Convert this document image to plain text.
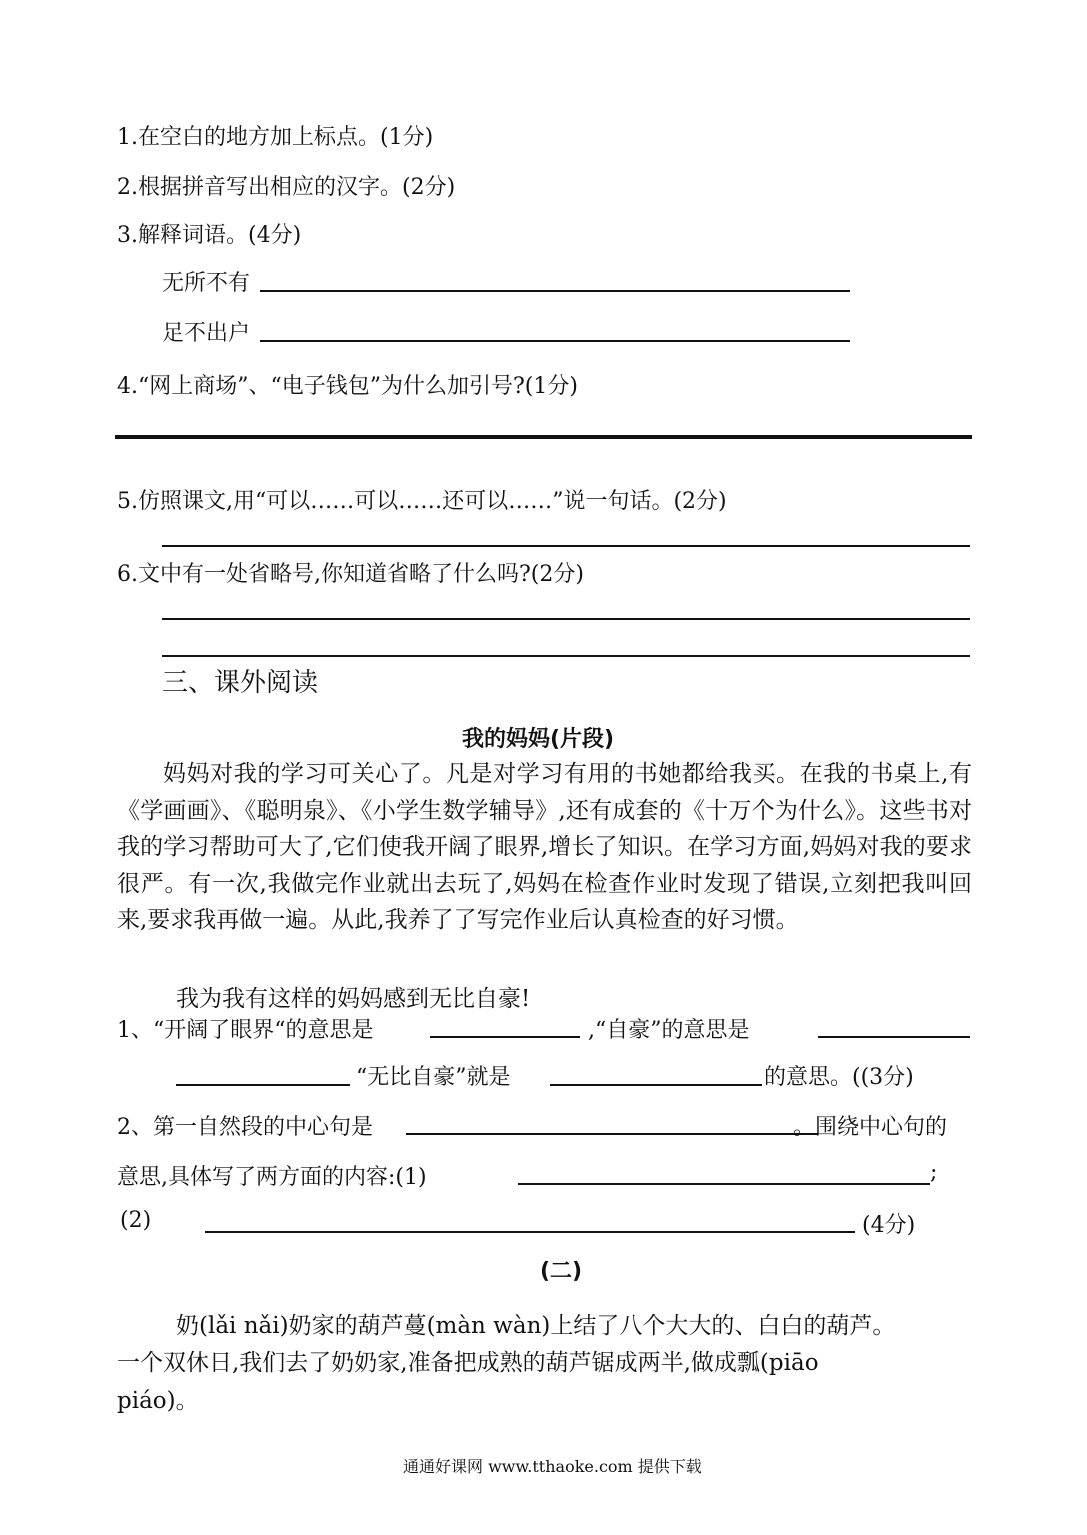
1.在空白的地方加上标点。(1分)
2.根据拼音写出相应的汉字。(2分)
3.解释词语。(4分)
无所不有
足不出户
4.“网上商场”、“电子钱包”为什么加引号?(1分)
5.仿照课文,用“可以……可以……还可以……”说一句话。(2分)
6.文中有一处省略号,你知道省略了什么吗?(2分)
三、课外阅读
我的妈妈(片段)

妈妈对我的学习可关心了。凡是对学习有用的书她都给我买。在我的书桌上,有《学画画》、《聪明泉》、《小学生数学辅导》,还有成套的《十万个为什么》。这些书对我的学习帮助可大了,它们使我开阔了眼界,增长了知识。在学习方面,妈妈对我的要求很严。有一次,我做完作业就出去玩了,妈妈在检查作业时发现了错误,立刻把我叫回来,要求我再做一遍。从此,我养了了写完作业后认真检查的好习惯。

我为我有这样的妈妈感到无比自豪!
1、“开阔了眼界“的意思是	,“自豪”的意思是
“无比自豪”就是	的意思。((3分)
2、第一自然段的中心句是	。围绕中心句的
意思,具体写了两方面的内容:(1)	;
(2)	(4分)
(二)
奶(lǎi nǎi)奶家的葫芦蔓(màn wàn)上结了八个大大的、白白的葫芦。
一个双休日,我们去了奶奶家,准备把成熟的葫芦锯成两半,做成瓢(piāo
piáo)。
通通好课网 www.tthaoke.com 提供下载
